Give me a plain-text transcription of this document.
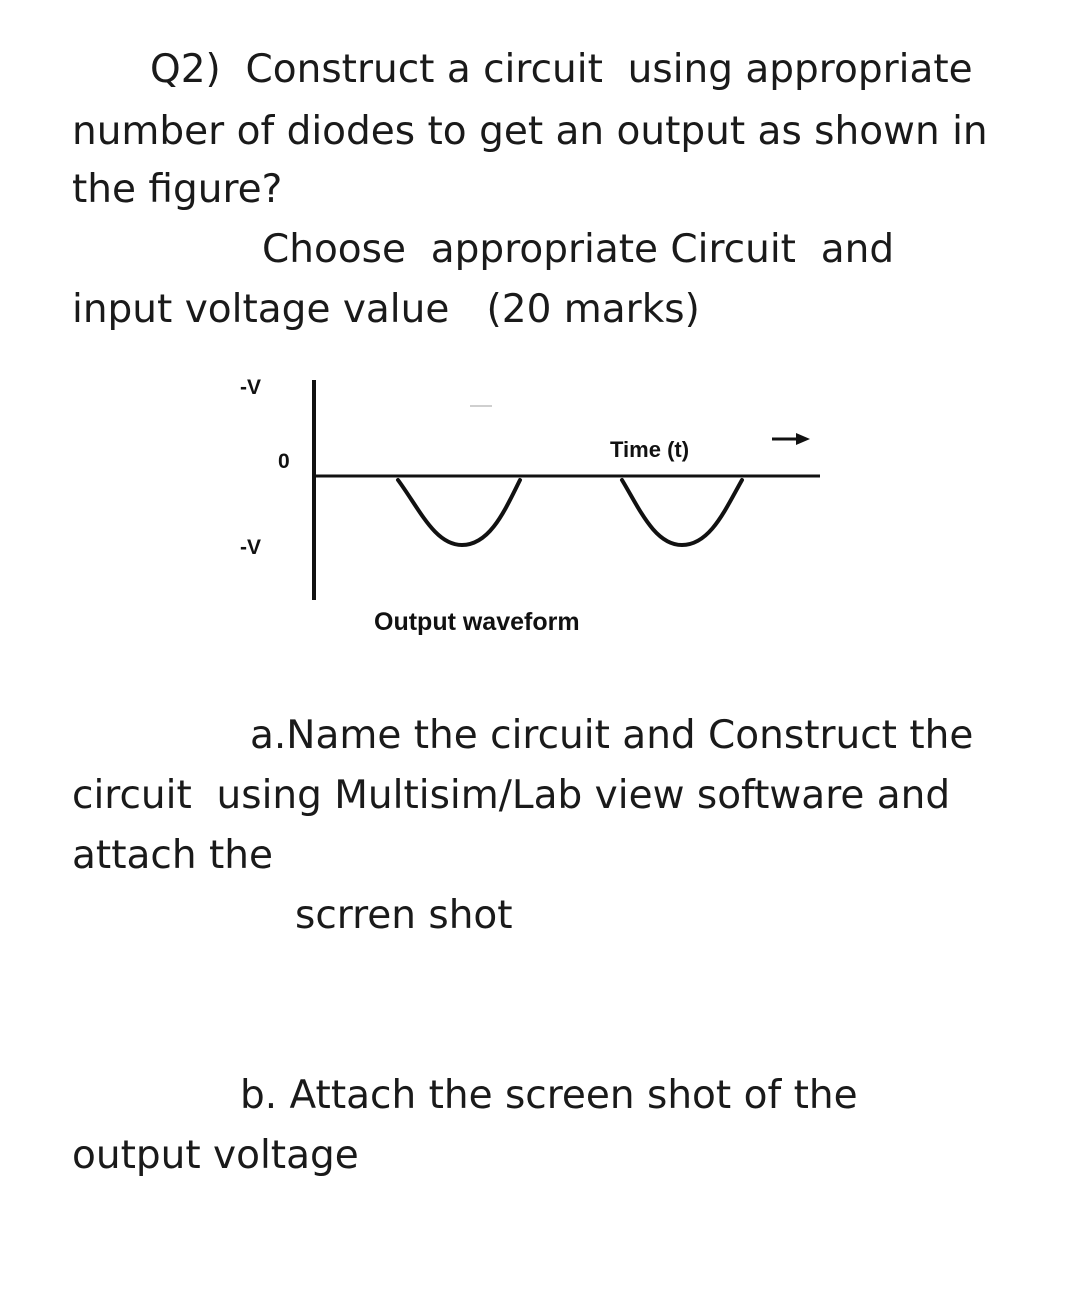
Q2)  Construct a circuit  using appropriate
number of diodes to get an output as shown in
the figure?
Choose  appropriate Circuit  and
input voltage value   (20 marks)
-V
0
-V
Time (t)
Output waveform
a.Name the circuit and Construct the
circuit  using Multisim/Lab view software and
attach the
scrren shot
b. Attach the screen shot of the
output voltage
